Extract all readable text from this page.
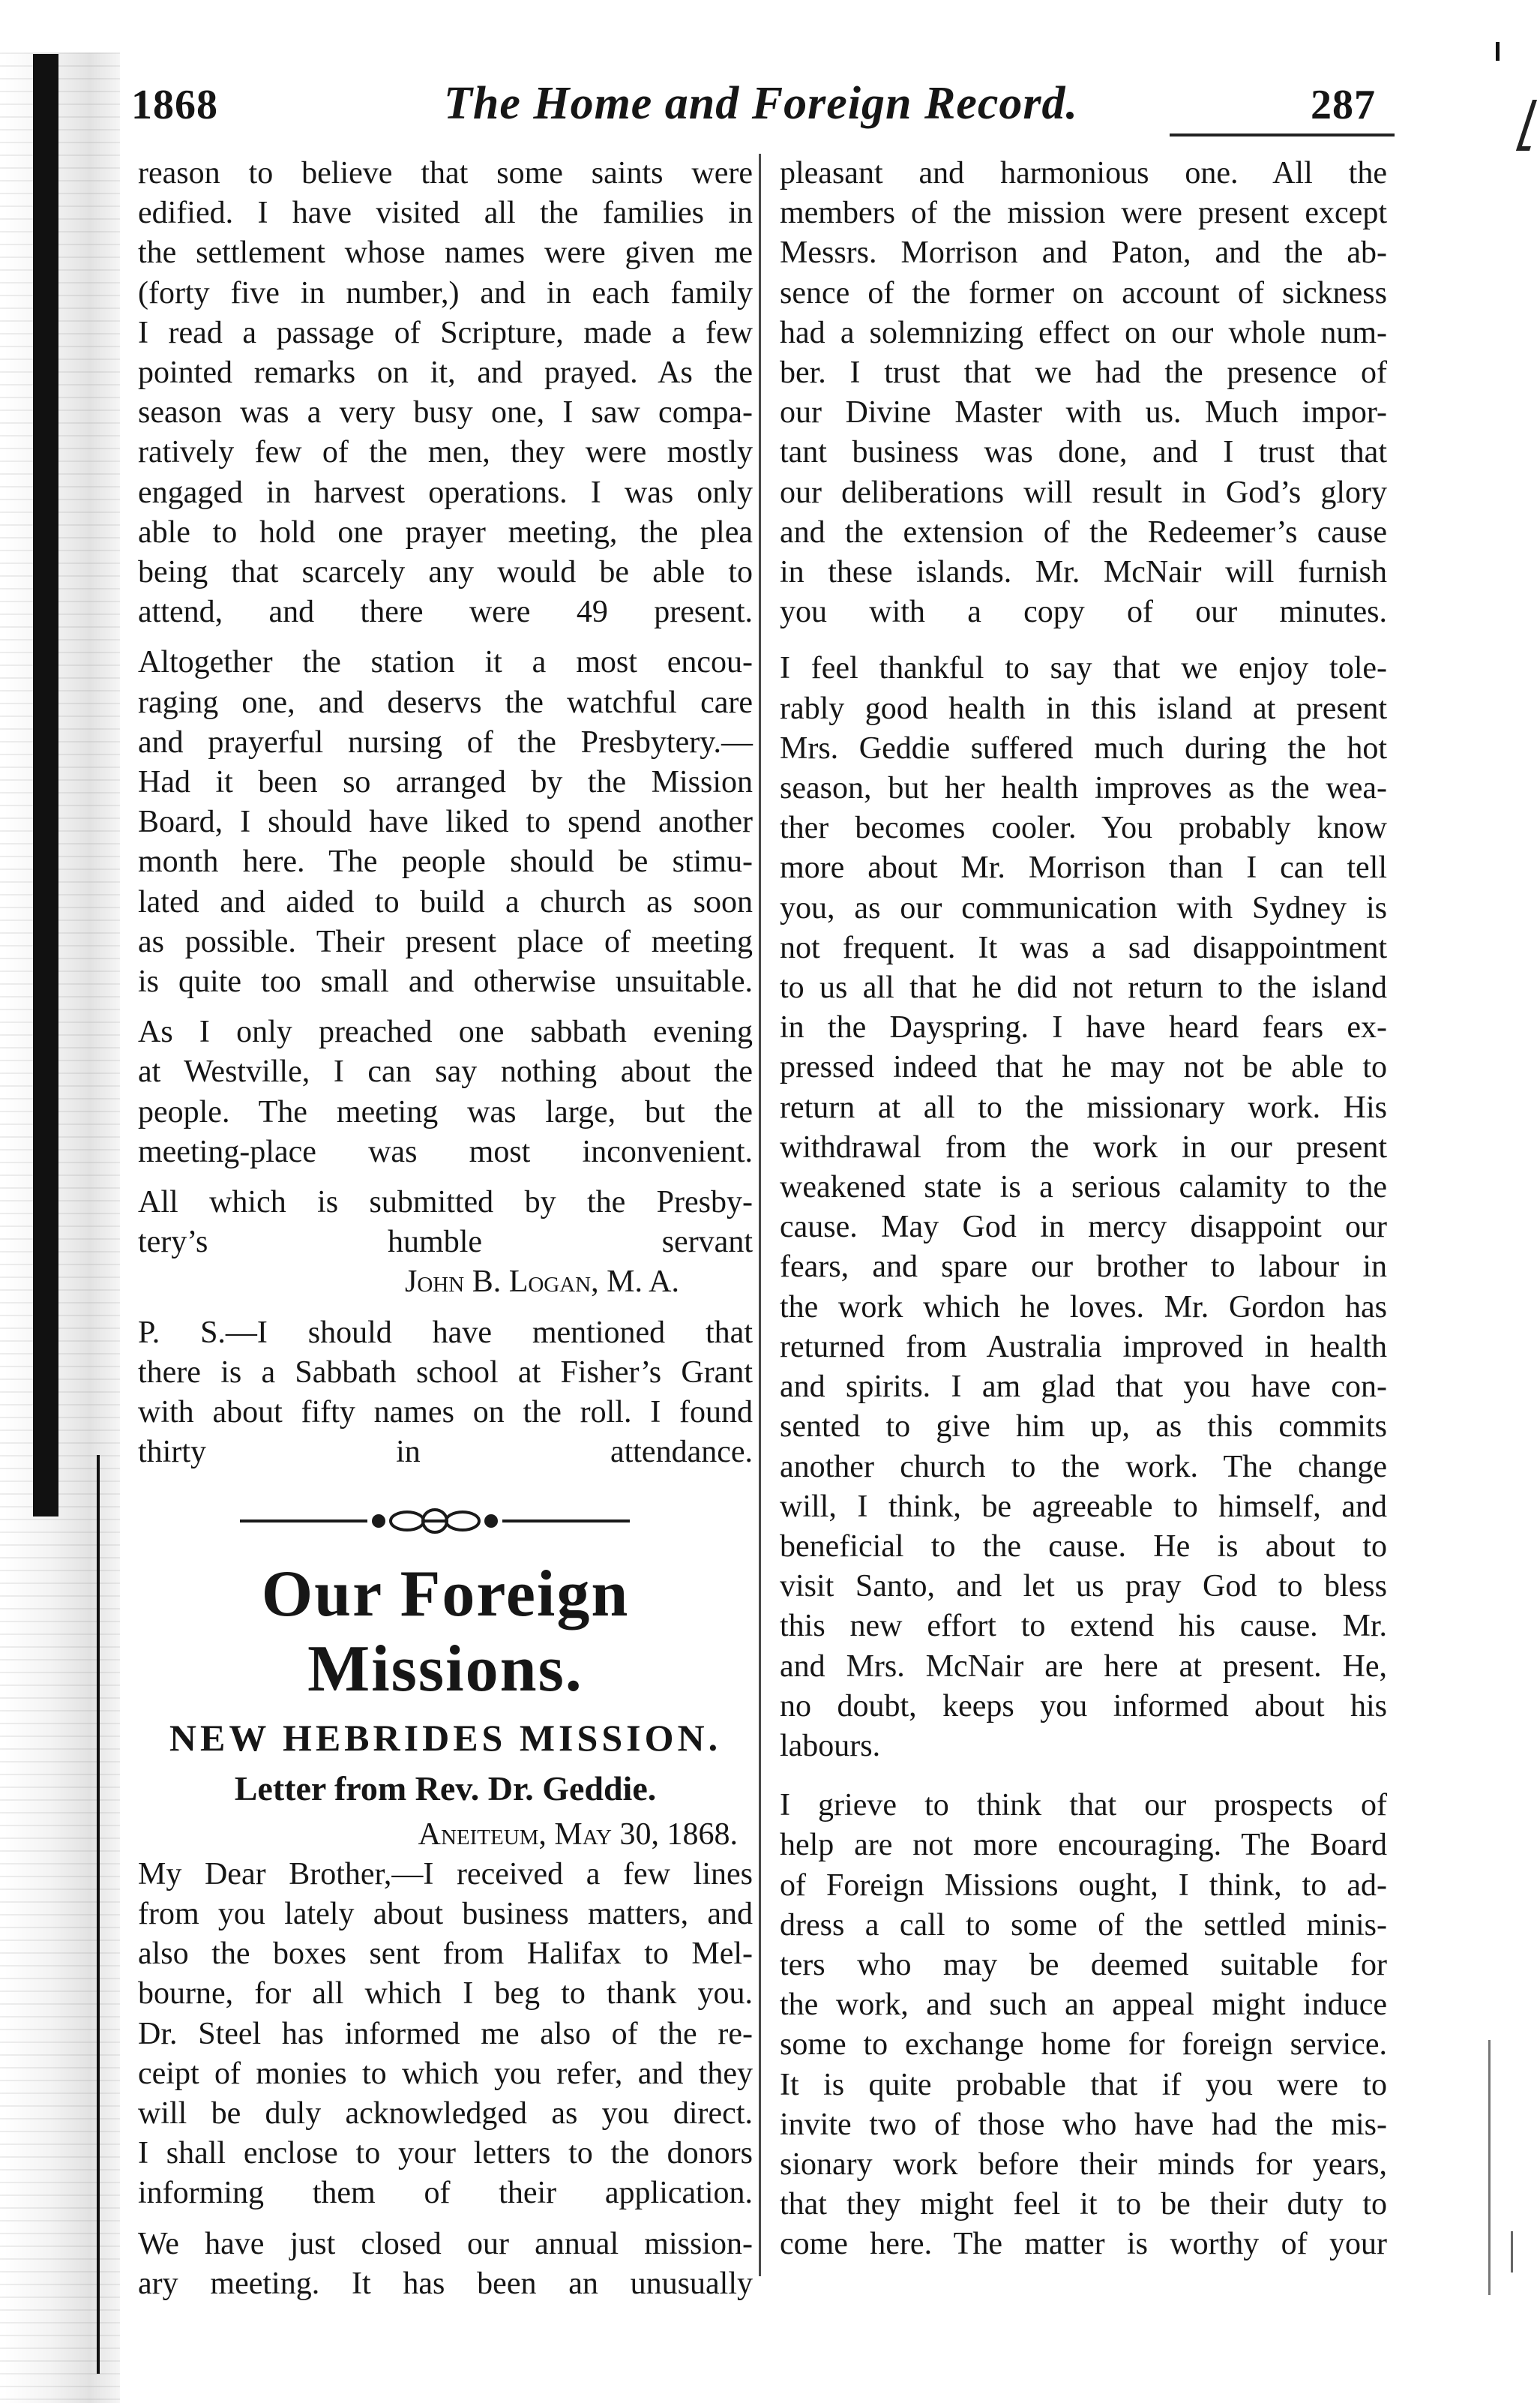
1868	The Home and Foreign Record.	287
reason to believe that some saints were
edified. I have visited all the families in
the settlement whose names were given me
(forty five in number,) and in each family
I read a passage of Scripture, made a few
pointed remarks on it, and prayed. As the
season was a very busy one, I saw compa-
ratively few of the men, they were mostly
engaged in harvest operations. I was only
able to hold one prayer meeting, the plea
being that scarcely any would be able to
attend, and there were 49 present.
Altogether the station it a most encou-
raging one, and deservs the watchful care
and prayerful nursing of the Presbytery.—
Had it been so arranged by the Mission
Board, I should have liked to spend another
month here. The people should be stimu-
lated and aided to build a church as soon
as possible. Their present place of meeting
is quite too small and otherwise unsuitable.
As I only preached one sabbath evening
at Westville, I can say nothing about the
people. The meeting was large, but the
meeting-place was most inconvenient.
All which is submitted by the Presby-
tery’s humble servant
John B. Logan, M. A.
P. S.—I should have mentioned that
there is a Sabbath school at Fisher’s Grant
with about fifty names on the roll. I found
thirty in attendance.
Our Foreign Missions.
NEW HEBRIDES MISSION.
Letter from Rev. Dr. Geddie.
Aneiteum, May 30, 1868.
My Dear Brother,—I received a few lines
from you lately about business matters, and
also the boxes sent from Halifax to Mel-
bourne, for all which I beg to thank you.
Dr. Steel has informed me also of the re-
ceipt of monies to which you refer, and they
will be duly acknowledged as you direct.
I shall enclose to your letters to the donors
informing them of their application.
We have just closed our annual mission-
ary meeting. It has been an unusually
pleasant and harmonious one. All the
members of the mission were present except
Messrs. Morrison and Paton, and the ab-
sence of the former on account of sickness
had a solemnizing effect on our whole num-
ber. I trust that we had the presence of
our Divine Master with us. Much impor-
tant business was done, and I trust that
our deliberations will result in God’s glory
and the extension of the Redeemer’s cause
in these islands. Mr. McNair will furnish
you with a copy of our minutes.
I feel thankful to say that we enjoy tole-
rably good health in this island at present
Mrs. Geddie suffered much during the hot
season, but her health improves as the wea-
ther becomes cooler. You probably know
more about Mr. Morrison than I can tell
you, as our communication with Sydney is
not frequent. It was a sad disappointment
to us all that he did not return to the island
in the Dayspring. I have heard fears ex-
pressed indeed that he may not be able to
return at all to the missionary work. His
withdrawal from the work in our present
weakened state is a serious calamity to the
cause. May God in mercy disappoint our
fears, and spare our brother to labour in
the work which he loves. Mr. Gordon has
returned from Australia improved in health
and spirits. I am glad that you have con-
sented to give him up, as this commits
another church to the work. The change
will, I think, be agreeable to himself, and
beneficial to the cause. He is about to
visit Santo, and let us pray God to bless
this new effort to extend his cause. Mr.
and Mrs. McNair are here at present. He,
no doubt, keeps you informed about his
labours.
I grieve to think that our prospects of
help are not more encouraging. The Board
of Foreign Missions ought, I think, to ad-
dress a call to some of the settled minis-
ters who may be deemed suitable for
the work, and such an appeal might induce
some to exchange home for foreign service.
It is quite probable that if you were to
invite two of those who have had the mis-
sionary work before their minds for years,
that they might feel it to be their duty to
come here. The matter is worthy of your
